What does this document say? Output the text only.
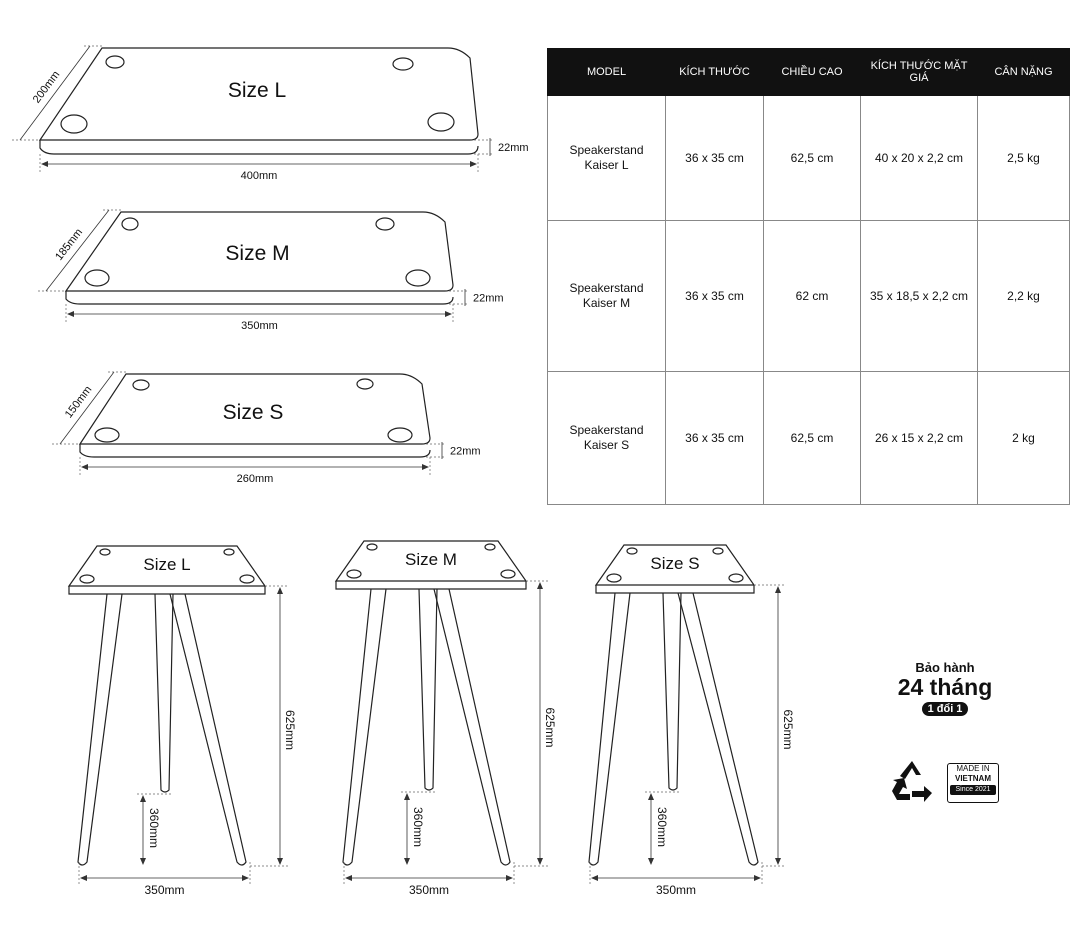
Size L
400mm
22mm
200mm
Size M
350mm
22mm
185mm
Size S
260mm
22mm
150mm
Size L
625mm
360mm
350mm
Size M
625mm
360mm
350mm
Size S
625mm
360mm
350mm
MODEL	KÍCH THƯỚC	CHIỀU CAO	KÍCH THƯỚC MẶT GIÁ	CÂN NẶNG
Speakerstand Kaiser L	36 x 35 cm	62,5 cm	40 x 20 x 2,2 cm	2,5 kg
Speakerstand Kaiser M	36 x 35 cm	62 cm	35 x 18,5 x 2,2 cm	2,2 kg
Speakerstand Kaiser S	36 x 35 cm	62,5 cm	26 x 15 x 2,2 cm	2 kg
Bảo hành
24 tháng
1 đổi 1
MADE IN
VIETNAM
Since 2021
